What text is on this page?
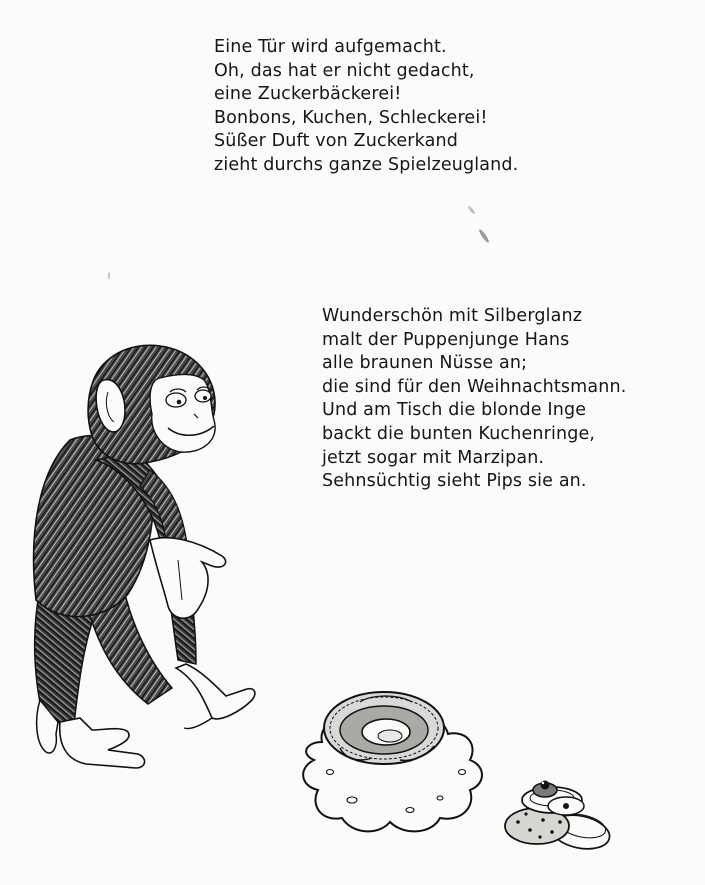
Eine Tür wird aufgemacht.
Oh, das hat er nicht gedacht,
eine Zuckerbäckerei!
Bonbons, Kuchen, Schleckerei!
Süßer Duft von Zuckerkand
zieht durchs ganze Spielzeugland.
Wunderschön mit Silberglanz
malt der Puppenjunge Hans
alle braunen Nüsse an;
die sind für den Weihnachtsmann.
Und am Tisch die blonde Inge
backt die bunten Kuchenringe,
jetzt sogar mit Marzipan.
Sehnsüchtig sieht Pips sie an.
